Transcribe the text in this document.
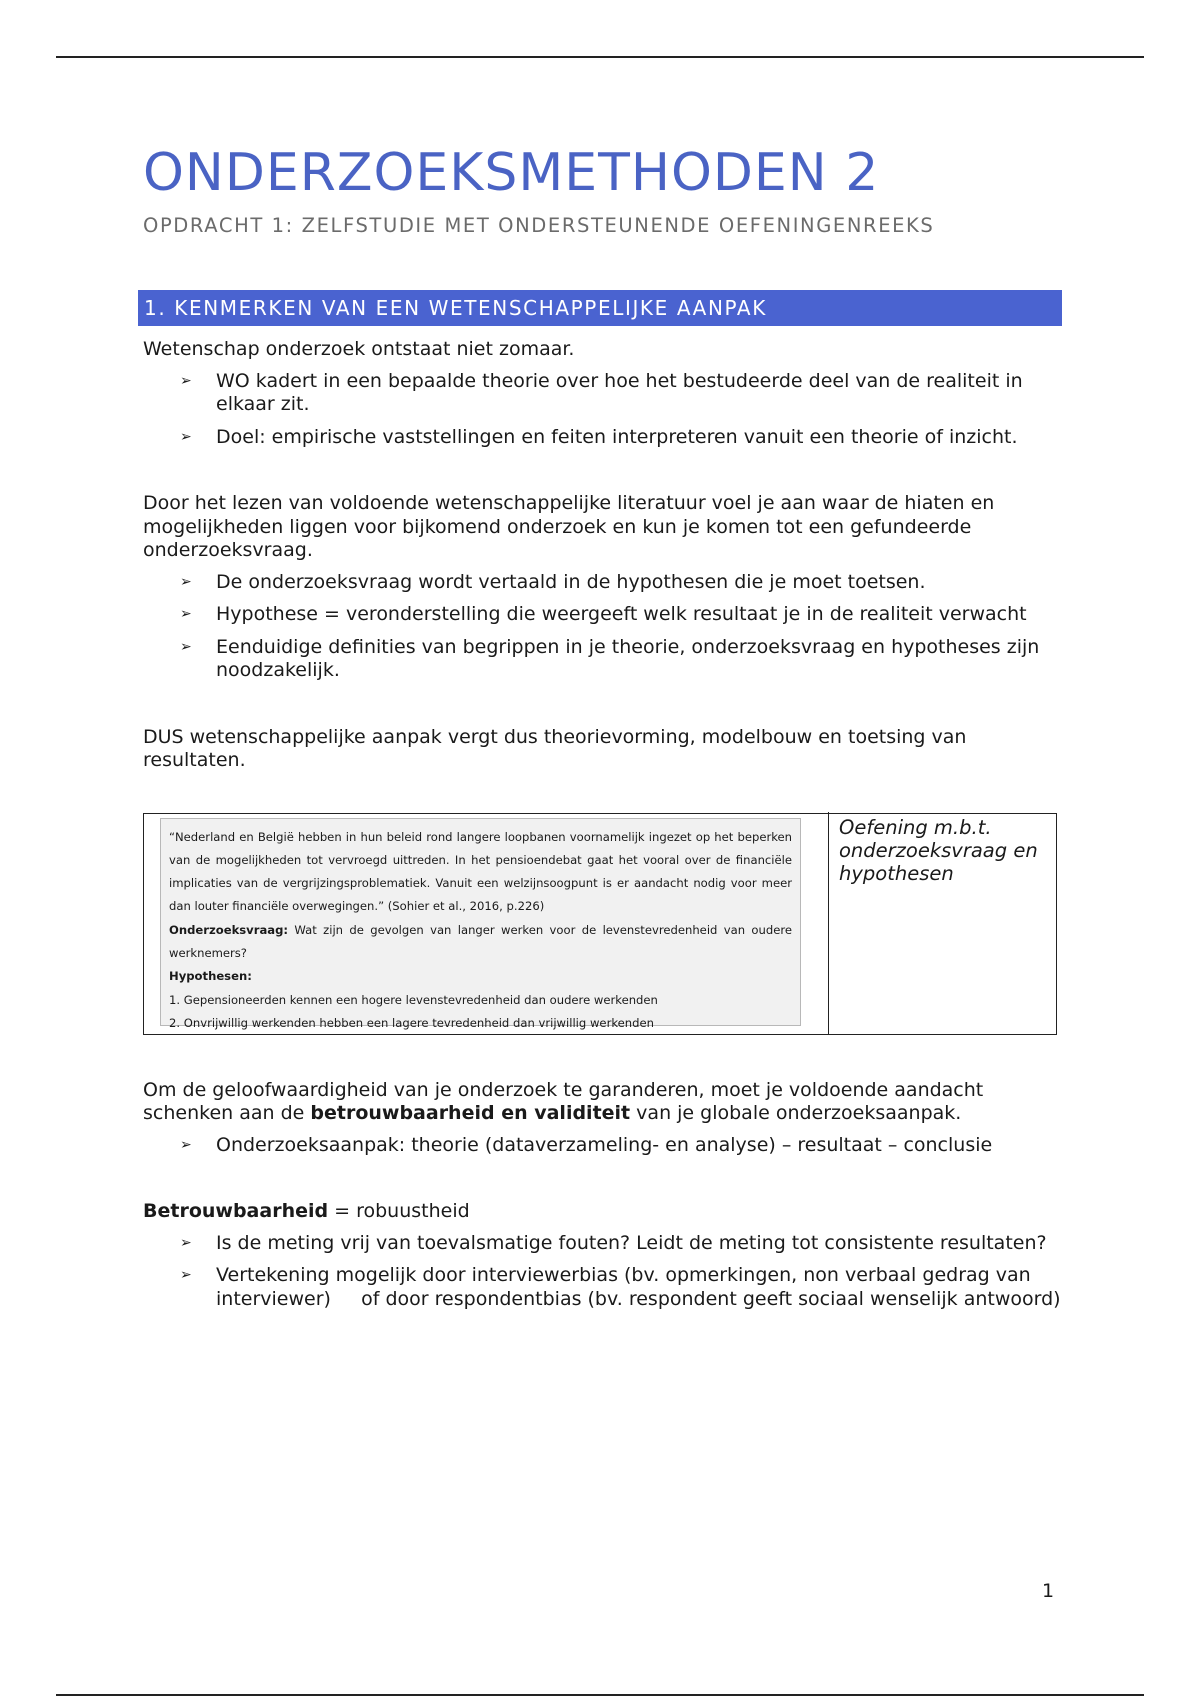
ONDERZOEKSMETHODEN 2
OPDRACHT 1: ZELFSTUDIE MET ONDERSTEUNENDE OEFENINGENREEKS
1. KENMERKEN VAN EEN WETENSCHAPPELIJKE AANPAK

Wetenschap onderzoek ontstaat niet zomaar.

➢ WO kadert in een bepaalde theorie over hoe het bestudeerde deel van de realiteit in elkaar zit.
➢ Doel: empirische vaststellingen en feiten interpreteren vanuit een theorie of inzicht.

Door het lezen van voldoende wetenschappelijke literatuur voel je aan waar de hiaten en mogelijkheden liggen voor bijkomend onderzoek en kun je komen tot een gefundeerde onderzoeksvraag.

➢ De onderzoeksvraag wordt vertaald in de hypothesen die je moet toetsen.
➢ Hypothese = veronderstelling die weergeeft welk resultaat je in de realiteit verwacht
➢ Eenduidige definities van begrippen in je theorie, onderzoeksvraag en hypotheses zijn noodzakelijk.

DUS wetenschappelijke aanpak vergt dus theorievorming, modelbouw en toetsing van resultaten.

“Nederland en België hebben in hun beleid rond langere loopbanen voornamelijk ingezet op het beperken van de mogelijkheden tot vervroegd uittreden. In het pensioendebat gaat het vooral over de financiële implicaties van de vergrijzingsproblematiek. Vanuit een welzijnsoogpunt is er aandacht nodig voor meer dan louter financiële overwegingen.” (Sohier et al., 2016, p.226)

Onderzoeksvraag: Wat zijn de gevolgen van langer werken voor de levenstevredenheid van oudere werknemers?
Hypothesen:
1. Gepensioneerden kennen een hogere levenstevredenheid dan oudere werkenden
2. Onvrijwillig werkenden hebben een lagere tevredenheid dan vrijwillig werkenden
Oefening m.b.t. onderzoeksvraag en hypothesen

Om de geloofwaardigheid van je onderzoek te garanderen, moet je voldoende aandacht schenken aan de betrouwbaarheid en validiteit van je globale onderzoeksaanpak.

➢ Onderzoeksaanpak: theorie (dataverzameling- en analyse) – resultaat – conclusie

Betrouwbaarheid = robuustheid

➢ Is de meting vrij van toevalsmatige fouten? Leidt de meting tot consistente resultaten?
➢ Vertekening mogelijk door interviewerbias (bv. opmerkingen, non verbaal gedrag van interviewer)     of door respondentbias (bv. respondent geeft sociaal wenselijk antwoord)
1
